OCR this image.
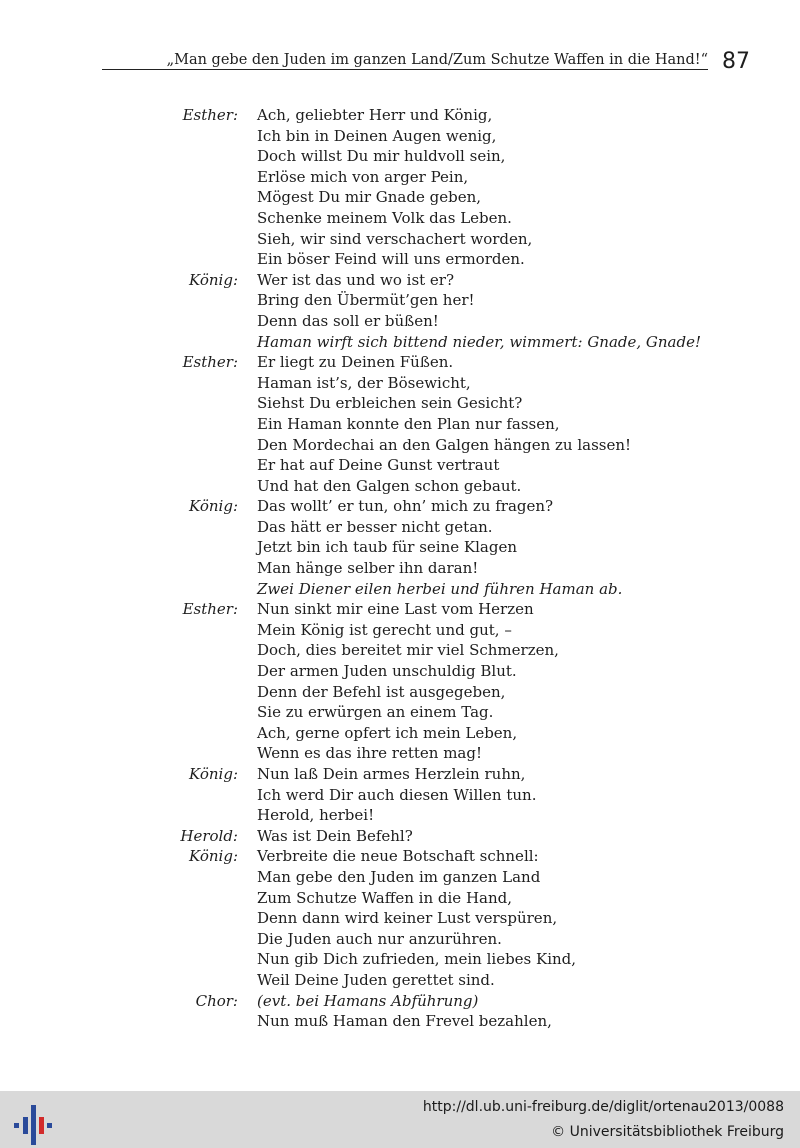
„Man gebe den Juden im ganzen Land/Zum Schutze Waffen in die Hand!“ 87
Esther: Ach, geliebter Herr und König,
Ich bin in Deinen Augen wenig,
Doch willst Du mir huldvoll sein,
Erlöse mich von arger Pein,
Mögest Du mir Gnade geben,
Schenke meinem Volk das Leben.
Sieh, wir sind verschachert worden,
Ein böser Feind will uns ermorden.
König: Wer ist das und wo ist er?
Bring den Übermüt’gen her!
Denn das soll er büßen!
Haman wirft sich bittend nieder, wimmert: Gnade, Gnade!
Esther: Er liegt zu Deinen Füßen.
Haman ist’s, der Bösewicht,
Siehst Du erbleichen sein Gesicht?
Ein Haman konnte den Plan nur fassen,
Den Mordechai an den Galgen hängen zu lassen!
Er hat auf Deine Gunst vertraut
Und hat den Galgen schon gebaut.
König: Das wollt’ er tun, ohn’ mich zu fragen?
Das hätt er besser nicht getan.
Jetzt bin ich taub für seine Klagen
Man hänge selber ihn daran!
Zwei Diener eilen herbei und führen Haman ab.
Esther: Nun sinkt mir eine Last vom Herzen
Mein König ist gerecht und gut, –
Doch, dies bereitet mir viel Schmerzen,
Der armen Juden unschuldig Blut.
Denn der Befehl ist ausgegeben,
Sie zu erwürgen an einem Tag.
Ach, gerne opfert ich mein Leben,
Wenn es das ihre retten mag!
König: Nun laß Dein armes Herzlein ruhn,
Ich werd Dir auch diesen Willen tun.
Herold, herbei!
Herold: Was ist Dein Befehl?
König: Verbreite die neue Botschaft schnell:
Man gebe den Juden im ganzen Land
Zum Schutze Waffen in die Hand,
Denn dann wird keiner Lust verspüren,
Die Juden auch nur anzurühren.
Nun gib Dich zufrieden, mein liebes Kind,
Weil Deine Juden gerettet sind.
Chor: (evt. bei Hamans Abführung)
Nun muß Haman den Frevel bezahlen,
http://dl.ub.uni-freiburg.de/diglit/ortenau2013/0088
© Universitätsbibliothek Freiburg
